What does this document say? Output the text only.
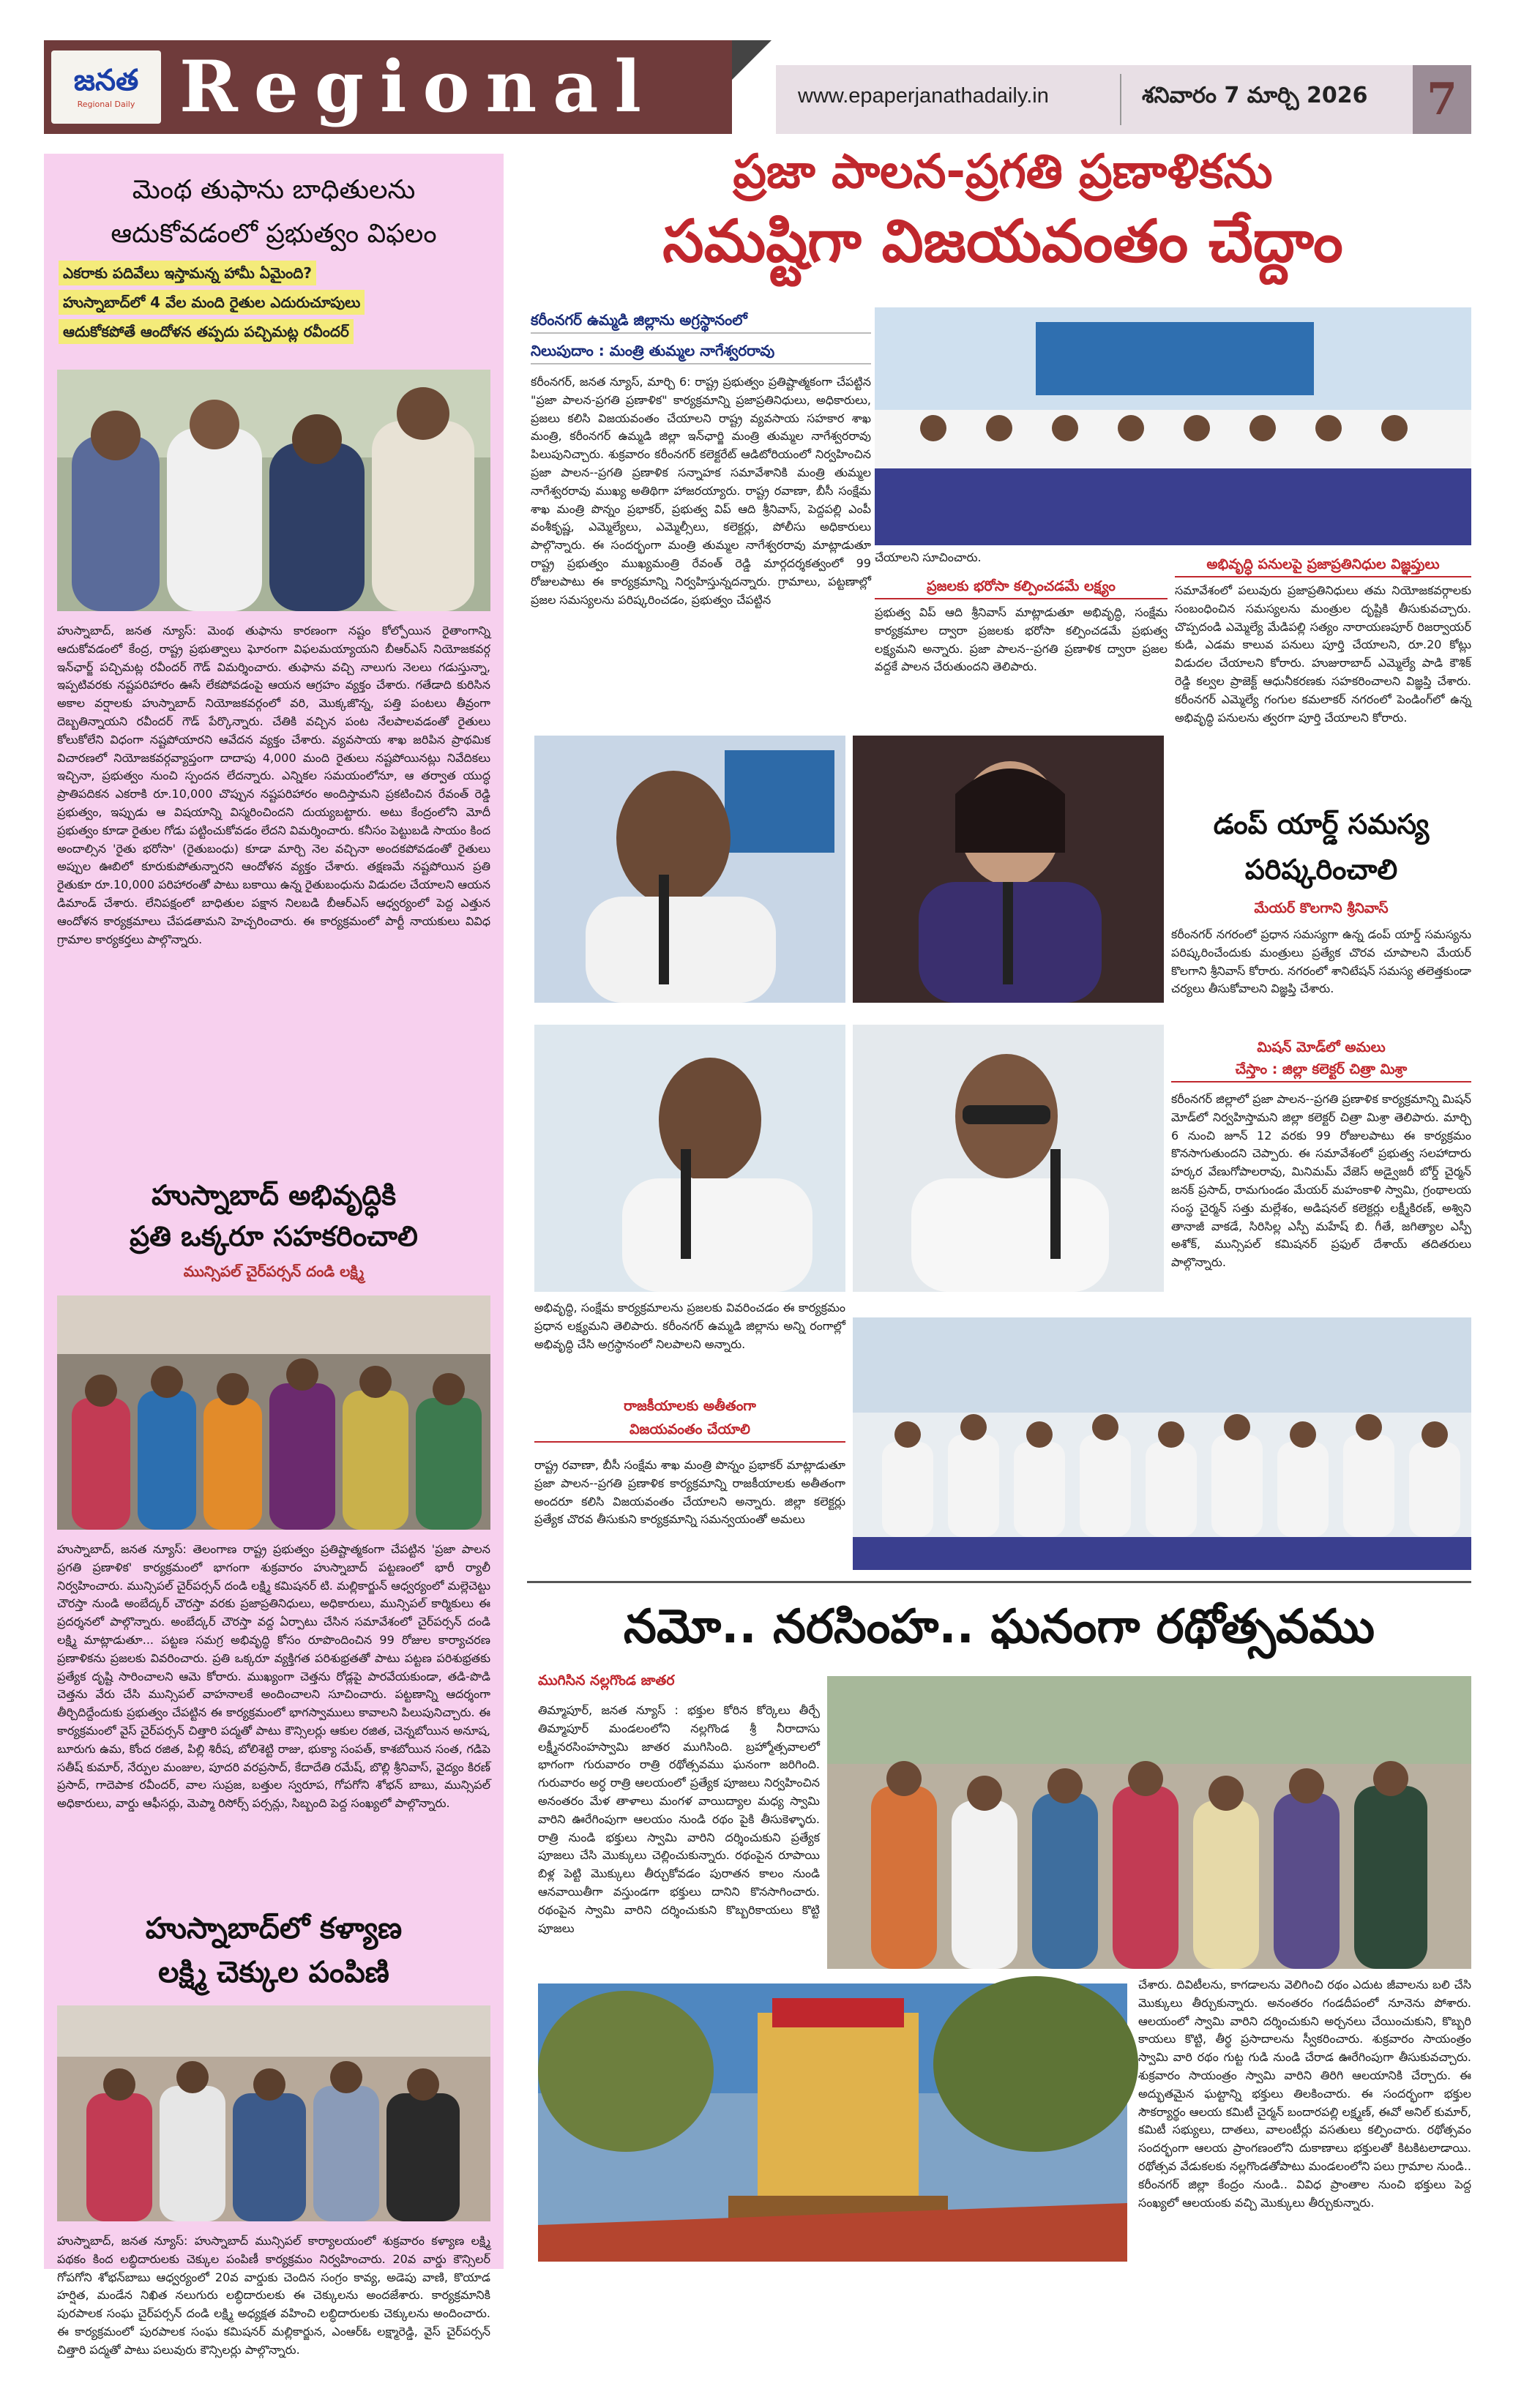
జనత
Regional Daily Regional	www.epaperjanathadaily.in	శనివారం 7 మార్చి 2026	7
మెంథ తుఫాను బాధితులను
ఆదుకోవడంలో ప్రభుత్వం విఫలం
ఎకరాకు పదివేలు ఇస్తామన్న హామీ ఏమైంది?
హుస్నాబాద్‌లో 4 వేల మంది రైతుల ఎదురుచూపులు
ఆదుకోకపోతే ఆందోళన తప్పదు పచ్చిమట్ల రవీందర్
హుస్నాబాద్, జనత న్యూస్: మెంథ తుఫాను కారణంగా నష్టం కోల్పోయిన రైతాంగాన్ని ఆదుకోవడంలో కేంద్ర, రాష్ట్ర ప్రభుత్వాలు ఘోరంగా విఫలమయ్యాయని బీఆర్ఎస్ నియోజకవర్గ ఇన్‌ఛార్జ్ పచ్చిమట్ల రవీందర్ గౌడ్ విమర్శించారు. తుఫాను వచ్చి నాలుగు నెలలు గడుస్తున్నా, ఇప్పటివరకు నష్టపరిహారం ఊసే లేకపోవడంపై ఆయన ఆగ్రహం వ్యక్తం చేశారు. గతేడాది కురిసిన అకాల వర్షాలకు హుస్నాబాద్ నియోజకవర్గంలో వరి, మొక్కజొన్న, పత్తి పంటలు తీవ్రంగా దెబ్బతిన్నాయని రవీందర్ గౌడ్ పేర్కొన్నారు. చేతికి వచ్చిన పంట నేలపాలవడంతో రైతులు కోలుకోలేని విధంగా నష్టపోయారని ఆవేదన వ్యక్తం చేశారు. వ్యవసాయ శాఖ జరిపిన ప్రాథమిక విచారణలో నియోజకవర్గవ్యాప్తంగా దాదాపు 4,000 మంది రైతులు నష్టపోయినట్లు నివేదికలు ఇచ్చినా, ప్రభుత్వం నుంచి స్పందన లేదన్నారు. ఎన్నికల సమయంలోనూ, ఆ తర్వాత యుద్ధ ప్రాతిపదికన ఎకరాకి రూ.10,000 చొప్పున నష్టపరిహారం అందిస్తామని ప్రకటించిన రేవంత్ రెడ్డి ప్రభుత్వం, ఇప్పుడు ఆ విషయాన్ని విస్మరించిందని దుయ్యబట్టారు. అటు కేంద్రంలోని మోదీ ప్రభుత్వం కూడా రైతుల గోడు పట్టించుకోవడం లేదని విమర్శించారు. కనీసం పెట్టుబడి సాయం కింద అందాల్సిన 'రైతు భరోసా' (రైతుబంధు) కూడా మార్చి నెల వచ్చినా అందకపోవడంతో రైతులు అప్పుల ఊబిలో కూరుకుపోతున్నారని ఆందోళన వ్యక్తం చేశారు. తక్షణమే నష్టపోయిన ప్రతి రైతుకూ రూ.10,000 పరిహారంతో పాటు బకాయి ఉన్న రైతుబంధును విడుదల చేయాలని ఆయన డిమాండ్ చేశారు. లేనిపక్షంలో బాధితుల పక్షాన నిలబడి బీఆర్ఎస్ ఆధ్వర్యంలో పెద్ద ఎత్తున ఆందోళన కార్యక్రమాలు చేపడతామని హెచ్చరించారు. ఈ కార్యక్రమంలో పార్టీ నాయకులు వివిధ గ్రామాల కార్యకర్తలు పాల్గొన్నారు.
హుస్నాబాద్ అభివృద్ధికి
ప్రతి ఒక్కరూ సహకరించాలి
మున్సిపల్ చైర్‌పర్సన్ దండి లక్ష్మి
హుస్నాబాద్, జనత న్యూస్: తెలంగాణ రాష్ట్ర ప్రభుత్వం ప్రతిష్టాత్మకంగా చేపట్టిన 'ప్రజా పాలన ప్రగతి ప్రణాళిక' కార్యక్రమంలో భాగంగా శుక్రవారం హుస్నాబాద్ పట్టణంలో భారీ ర్యాలీ నిర్వహించారు. మున్సిపల్ చైర్‌పర్సన్ దండి లక్ష్మి కమిషనర్ టి. మల్లికార్జున్ ఆధ్వర్యంలో మల్లెచెట్టు చౌరస్తా నుండి అంబేద్కర్ చౌరస్తా వరకు ప్రజాప్రతినిధులు, అధికారులు, మున్సిపల్ కార్మికులు ఈ ప్రదర్శనలో పాల్గొన్నారు. అంబేద్కర్ చౌరస్తా వద్ద ఏర్పాటు చేసిన సమావేశంలో చైర్‌పర్సన్ దండి లక్ష్మి మాట్లాడుతూ... పట్టణ సమగ్ర అభివృద్ధి కోసం రూపొందించిన 99 రోజుల కార్యాచరణ ప్రణాళికను ప్రజలకు వివరించారు. ప్రతి ఒక్కరూ వ్యక్తిగత పరిశుభ్రతతో పాటు పట్టణ పరిశుభ్రతకు ప్రత్యేక దృష్టి సారించాలని ఆమె కోరారు. ముఖ్యంగా చెత్తను రోడ్లపై పారవేయకుండా, తడి-పొడి చెత్తను వేరు చేసి మున్సిపల్ వాహనాలకే అందించాలని సూచించారు. పట్టణాన్ని ఆదర్శంగా తీర్చిదిద్దేందుకు ప్రభుత్వం చేపట్టిన ఈ కార్యక్రమంలో భాగస్వాములు కావాలని పిలుపునిచ్చారు. ఈ కార్యక్రమంలో వైస్ చైర్‌పర్సన్ చిత్తారి పద్మతో పాటు కౌన్సిలర్లు ఆకుల రజిత, చెన్నబోయిన అనూష, బూరుగు ఉమ, కోంద రజిత, పిల్లి శిరీష, బోలిశెట్టి రాజు, భుక్యా సంపత్, కాశబోయిన సంత, గడిపె సతీష్ కుమార్, నేర్పుల మంజుల, పూదరి వరప్రసాద్, కేదాదేతి రమేష్, బొల్లి శ్రీనివాస్, వైద్యం కిరణ్ ప్రసాద్, గాదెపాక రవీందర్, వాల సుప్రజ, బత్తుల స్వరూప, గోపగోని శోభన్ బాబు, మున్సిపల్ అధికారులు, వార్డు ఆఫీసర్లు, మెప్మా రిసోర్స్ పర్సన్లు, సిబ్బంది పెద్ద సంఖ్యలో పాల్గొన్నారు.
హుస్నాబాద్‌లో కళ్యాణ
లక్ష్మి చెక్కుల పంపిణి
హుస్నాబాద్, జనత న్యూస్: హుస్నాబాద్ మున్సిపల్ కార్యాలయంలో శుక్రవారం కళ్యాణ లక్ష్మి పథకం కింద లబ్ధిదారులకు చెక్కుల పంపిణీ కార్యక్రమం నిర్వహించారు. 20వ వార్డు కౌన్సిలర్ గోపగోని శోభన్‌బాబు ఆధ్వర్యంలో 20వ వార్డుకు చెందిన సంగ్రం కావ్య, అడెపు వాణి, కొయాడ హర్షిత, మండేన నిఖిత నలుగురు లబ్ధిదారులకు ఈ చెక్కులను అందజేశారు. కార్యక్రమానికి పురపాలక సంఘ చైర్‌పర్సన్ దండి లక్ష్మి అధ్యక్షత వహించి లబ్ధిదారులకు చెక్కులను అందించారు. ఈ కార్యక్రమంలో పురపాలక సంఘ కమిషనర్ మల్లికార్జున, ఎంఆర్ఓ లక్ష్మారెడ్డి, వైస్ చైర్‌పర్సన్ చిత్తారి పద్మతో పాటు పలువురు కౌన్సిలర్లు పాల్గొన్నారు.
ప్రజా పాలన-ప్రగతి ప్రణాళికను
సమష్టిగా విజయవంతం చేద్దాం
కరీంనగర్ ఉమ్మడి జిల్లాను అగ్రస్థానంలో
నిలుపుదాం : మంత్రి తుమ్మల నాగేశ్వరరావు
కరీంనగర్, జనత న్యూస్, మార్చి 6: రాష్ట్ర ప్రభుత్వం ప్రతిష్టాత్మకంగా చేపట్టిన "ప్రజా పాలన-ప్రగతి ప్రణాళిక" కార్యక్రమాన్ని ప్రజాప్రతినిధులు, అధికారులు, ప్రజలు కలిసి విజయవంతం చేయాలని రాష్ట్ర వ్యవసాయ సహకార శాఖ మంత్రి, కరీంనగర్ ఉమ్మడి జిల్లా ఇన్‌ఛార్జి మంత్రి తుమ్మల నాగేశ్వరరావు పిలుపునిచ్చారు. శుక్రవారం కరీంనగర్ కలెక్టరేట్ ఆడిటోరియంలో నిర్వహించిన ప్రజా పాలన--ప్రగతి ప్రణాళిక సన్నాహక సమావేశానికి మంత్రి తుమ్మల నాగేశ్వరరావు ముఖ్య అతిథిగా హాజరయ్యారు. రాష్ట్ర రవాణా, బీసీ సంక్షేమ శాఖ మంత్రి పొన్నం ప్రభాకర్, ప్రభుత్వ విప్ ఆది శ్రీనివాస్, పెద్దపల్లి ఎంపీ వంశీకృష్ణ, ఎమ్మెల్యేలు, ఎమ్మెల్సీలు, కలెక్టర్లు, పోలీసు అధికారులు పాల్గొన్నారు. ఈ సందర్భంగా మంత్రి తుమ్మల నాగేశ్వరరావు మాట్లాడుతూ రాష్ట్ర ప్రభుత్వం ముఖ్యమంత్రి రేవంత్ రెడ్డి మార్గదర్శకత్వంలో 99 రోజులపాటు ఈ కార్యక్రమాన్ని నిర్వహిస్తున్నదన్నారు. గ్రామాలు, పట్టణాల్లో ప్రజల సమస్యలను పరిష్కరించడం, ప్రభుత్వం చేపట్టిన
చేయాలని సూచించారు.
ప్రజలకు భరోసా కల్పించడమే లక్ష్యం
ప్రభుత్వ విప్ ఆది శ్రీనివాస్ మాట్లాడుతూ అభివృద్ధి, సంక్షేమ కార్యక్రమాల ద్వారా ప్రజలకు భరోసా కల్పించడమే ప్రభుత్వ లక్ష్యమని అన్నారు. ప్రజా పాలన--ప్రగతి ప్రణాళిక ద్వారా ప్రజల వద్దకే పాలన చేరుతుందని తెలిపారు.
అభివృద్ధి పనులపై ప్రజాప్రతినిధుల విజ్ఞప్తులు
సమావేశంలో పలువురు ప్రజాప్రతినిధులు తమ నియోజకవర్గాలకు సంబంధించిన సమస్యలను మంత్రుల దృష్టికి తీసుకువచ్చారు. చొప్పదండి ఎమ్మెల్యే మేడిపల్లి సత్యం నారాయణపూర్ రిజర్వాయర్ కుడి, ఎడమ కాలువ పనులు పూర్తి చేయాలని, రూ.20 కోట్లు విడుదల చేయాలని కోరారు. హుజురాబాద్ ఎమ్మెల్యే పాడి కౌశిక్ రెడ్డి కల్వల ప్రాజెక్ట్ ఆధునీకరణకు సహకరించాలని విజ్ఞప్తి చేశారు. కరీంనగర్ ఎమ్మెల్యే గంగుల కమలాకర్ నగరంలో పెండింగ్‌లో ఉన్న అభివృద్ధి పనులను త్వరగా పూర్తి చేయాలని కోరారు.
డంప్ యార్డ్ సమస్య
పరిష్కరించాలి
మేయర్ కొలగాని శ్రీనివాస్
కరీంనగర్ నగరంలో ప్రధాన సమస్యగా ఉన్న డంప్ యార్డ్ సమస్యను పరిష్కరించేందుకు మంత్రులు ప్రత్యేక చొరవ చూపాలని మేయర్ కొలగాని శ్రీనివాస్ కోరారు. నగరంలో శానిటేషన్ సమస్య తలెత్తకుండా చర్యలు తీసుకోవాలని విజ్ఞప్తి చేశారు.
మిషన్ మోడ్‌లో అమలు
చేస్తాం : జిల్లా కలెక్టర్ చిత్రా మిశ్రా
కరీంనగర్ జిల్లాలో ప్రజా పాలన--ప్రగతి ప్రణాళిక కార్యక్రమాన్ని మిషన్ మోడ్‌లో నిర్వహిస్తామని జిల్లా కలెక్టర్ చిత్రా మిశ్రా తెలిపారు. మార్చి 6 నుంచి జూన్ 12 వరకు 99 రోజులపాటు ఈ కార్యక్రమం కొనసాగుతుందని చెప్పారు. ఈ సమావేశంలో ప్రభుత్వ సలహాదారు హర్కర వేణుగోపాలరావు, మినిమమ్ వేజెస్ అడ్వైజరీ బోర్డ్ చైర్మన్ జనక్ ప్రసాద్, రామగుండం మేయర్ మహంకాళి స్వామి, గ్రంథాలయ సంస్థ చైర్మన్ సత్తు మల్లేశం, అడిషనల్ కలెక్టర్లు లక్ష్మీకిరణ్, అశ్విని తానాజీ వాకడే, సిరిసిల్ల ఎస్పీ మహేష్ బి. గీతే, జగిత్యాల ఎస్పీ అశోక్, మున్సిపల్ కమిషనర్ ప్రఫుల్ దేశాయ్ తదితరులు పాల్గొన్నారు.
అభివృద్ధి, సంక్షేమ కార్యక్రమాలను ప్రజలకు వివరించడం ఈ కార్యక్రమం ప్రధాన లక్ష్యమని తెలిపారు. కరీంనగర్ ఉమ్మడి జిల్లాను అన్ని రంగాల్లో అభివృద్ధి చేసి అగ్రస్థానంలో నిలపాలని అన్నారు.
రాజకీయాలకు అతీతంగా
విజయవంతం చేయాలి
రాష్ట్ర రవాణా, బీసీ సంక్షేమ శాఖ మంత్రి పొన్నం ప్రభాకర్ మాట్లాడుతూ ప్రజా పాలన--ప్రగతి ప్రణాళిక కార్యక్రమాన్ని రాజకీయాలకు అతీతంగా అందరూ కలిసి విజయవంతం చేయాలని అన్నారు. జిల్లా కలెక్టర్లు ప్రత్యేక చొరవ తీసుకుని కార్యక్రమాన్ని సమన్వయంతో అమలు
నమో.. నరసింహ.. ఘనంగా రథోత్సవము
ముగిసిన నల్లగొండ జాతర
తిమ్మాపూర్, జనత న్యూస్ : భక్తుల కోరిన కోర్కెలు తీర్చే తిమ్మాపూర్ మండలంలోని నల్లగొండ శ్రీ నీరాదాసు లక్ష్మీనరసింహస్వామి జాతర ముగిసింది. బ్రహ్మోత్సవాలలో భాగంగా గురువారం రాత్రి రథోత్సవము ఘనంగా జరిగింది. గురువారం అర్ధ రాత్రి ఆలయంలో ప్రత్యేక పూజలు నిర్వహించిన అనంతరం మేళ తాళాలు మంగళ వాయిద్యాల మధ్య స్వామి వారిని ఊరేగింపుగా ఆలయం నుండి రథం పైకి తీసుకెళ్ళారు. రాత్రి నుండి భక్తులు స్వామి వారిని దర్శించుకుని ప్రత్యేక పూజలు చేసి మొక్కులు చెల్లించుకున్నారు. రథంపైన రూపాయి బిళ్ల పెట్టి మొక్కులు తీర్చుకోవడం పురాతన కాలం నుండి ఆనవాయితీగా వస్తుండగా భక్తులు దానిని కొనసాగించారు. రథంపైన స్వామి వారిని దర్శించుకుని కొబ్బరికాయలు కొట్టి పూజలు
చేశారు. దివిటీలను, కాగడాలను వెలిగించి రథం ఎదుట జీవాలను బలి చేసి మొక్కులు తీర్చుకున్నారు. అనంతరం గండదీపంలో నూనెను పోశారు. ఆలయంలో స్వామి వారిని దర్శించుకుని అర్చనలు చేయించుకుని, కొబ్బరి కాయలు కొట్టి, తీర్థ ప్రసాదాలను స్వీకరించారు. శుక్రవారం సాయంత్రం స్వామి వారి రథం గుట్ట గుడి నుండి చేరాడ ఊరేగింపుగా తీసుకువచ్చారు. శుక్రవారం సాయంత్రం స్వామి వారిని తిరిగి ఆలయానికి చేర్చారు. ఈ అద్భుతమైన ఘట్టాన్ని భక్తులు తిలకించారు. ఈ సందర్భంగా భక్తుల సౌకర్యార్థం ఆలయ కమిటీ చైర్మన్ బందారపల్లి లక్ష్మణ్, ఈవో అనిల్ కుమార్, కమిటీ సభ్యులు, దాతలు, వాలంటీర్లు వసతులు కల్పించారు. రథోత్సవం సందర్భంగా ఆలయ ప్రాంగణంలోని దుకాణాలు భక్తులతో కిటకిటలాడాయి. రథోత్సవ వేడుకలకు నల్లగొండతోపాటు మండలంలోని పలు గ్రామాల నుండి.. కరీంనగర్ జిల్లా కేంద్రం నుండి.. వివిధ ప్రాంతాల నుంచి భక్తులు పెద్ద సంఖ్యలో ఆలయంకు వచ్చి మొక్కులు తీర్చుకున్నారు.
